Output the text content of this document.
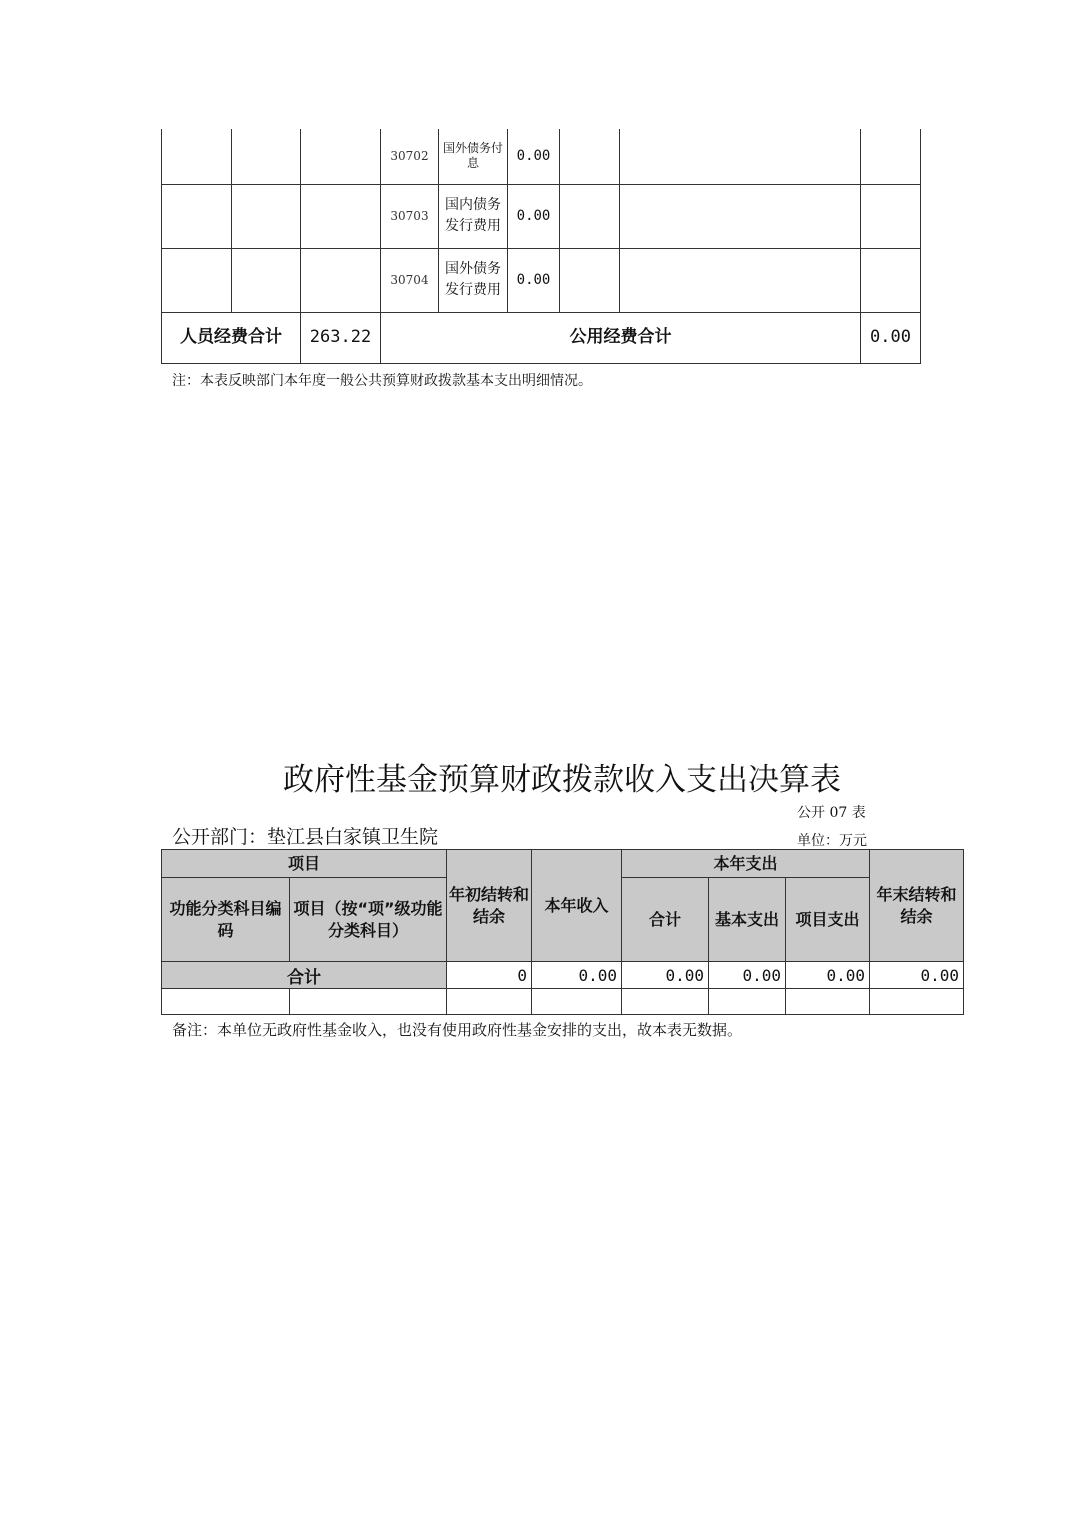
			30702	国外债务付息	0.00			
			30703	国内债务发行费用	0.00			
			30704	国外债务发行费用	0.00			
人员经费合计		263.22	公用经费合计					0.00
注：本表反映部门本年度一般公共预算财政拨款基本支出明细情况。
政府性基金预算财政拨款收入支出决算表
公开 07 表
公开部门：垫江县白家镇卫生院	单位：万元
项目		年初结转和结余	本年收入	本年支出			年末结转和结余
功能分类科目编码	项目（按“项”级功能分类科目）			合计	基本支出	项目支出	
合计		0	0.00	0.00	0.00	0.00	0.00

备注：本单位无政府性基金收入，也没有使用政府性基金安排的支出，故本表无数据。
